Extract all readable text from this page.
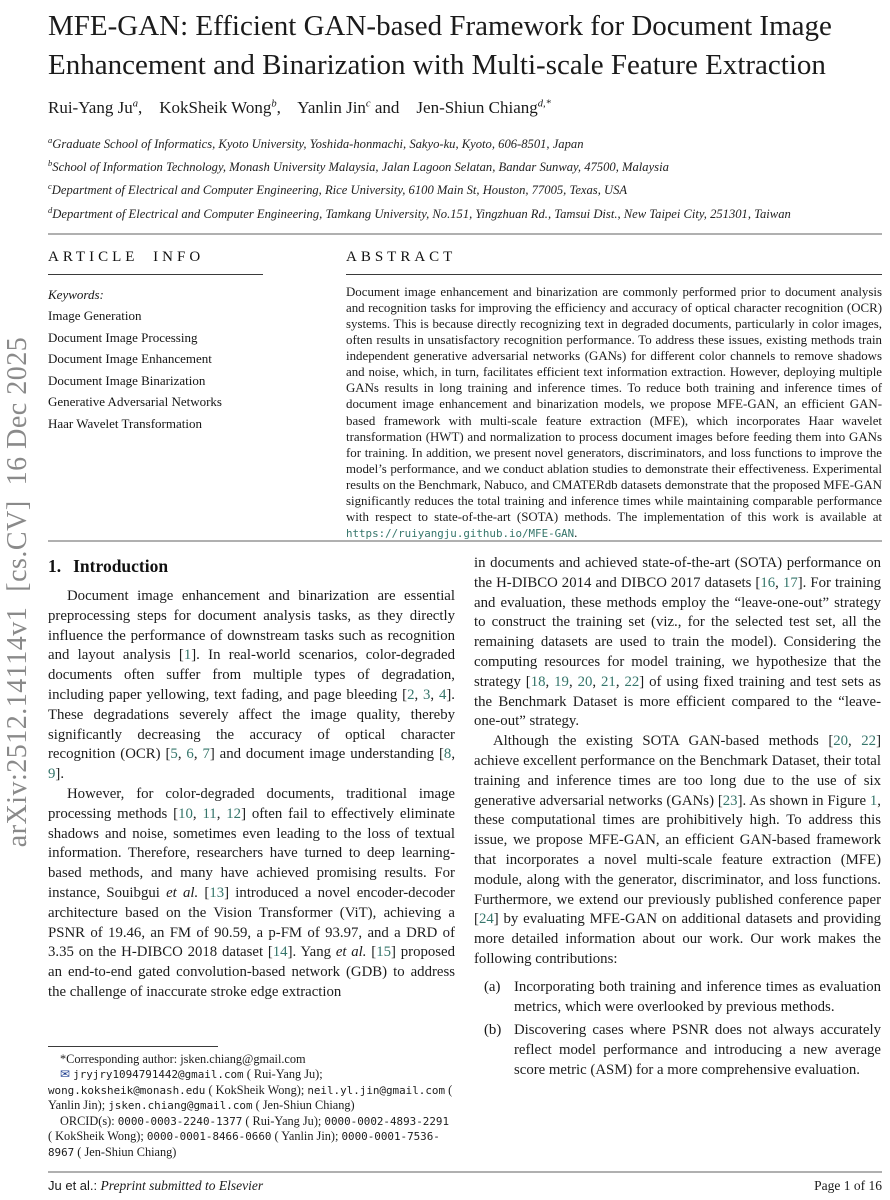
arXiv:2512.14114v1  [cs.CV]  16 Dec 2025
MFE-GAN: Efficient GAN-based Framework for Document Image
Enhancement and Binarization with Multi-scale Feature Extraction
Rui-Yang Ju$^a$,    KokSheik Wong$^b$,    Yanlin Jin$^c$ and    Jen-Shiun Chiang$^{d,*}$
$^a$Graduate School of Informatics, Kyoto University, Yoshida-honmachi, Sakyo-ku, Kyoto, 606-8501, Japan
$^b$School of Information Technology, Monash University Malaysia, Jalan Lagoon Selatan, Bandar Sunway, 47500, Malaysia
$^c$Department of Electrical and Computer Engineering, Rice University, 6100 Main St, Houston, 77005, Texas, USA
$^d$Department of Electrical and Computer Engineering, Tamkang University, No.151, Yingzhuan Rd., Tamsui Dist., New Taipei City, 251301, Taiwan
ARTICLE INFO
Keywords:
Image Generation
Document Image Processing
Document Image Enhancement
Document Image Binarization
Generative Adversarial Networks
Haar Wavelet Transformation
ABSTRACT
Document image enhancement and binarization are commonly performed prior to document analysis and recognition tasks for improving the efficiency and accuracy of optical character recognition (OCR) systems. This is because directly recognizing text in degraded documents, particularly in color images, often results in unsatisfactory recognition performance. To address these issues, existing methods train independent generative adversarial networks (GANs) for different color channels to remove shadows and noise, which, in turn, facilitates efficient text information extraction. However, deploying multiple GANs results in long training and inference times. To reduce both training and inference times of document image enhancement and binarization models, we propose MFE-GAN, an efficient GAN-based framework with multi-scale feature extraction (MFE), which incorporates Haar wavelet transformation (HWT) and normalization to process document images before feeding them into GANs for training. In addition, we present novel generators, discriminators, and loss functions to improve the model’s performance, and we conduct ablation studies to demonstrate their effectiveness. Experimental results on the Benchmark, Nabuco, and CMATERdb datasets demonstrate that the proposed MFE-GAN significantly reduces the total training and inference times while maintaining comparable performance with respect to state-of-the-art (SOTA) methods. The implementation of this work is available at https://ruiyangju.github.io/MFE-GAN.
1. Introduction

Document image enhancement and binarization are essential preprocessing steps for document analysis tasks, as they directly influence the performance of downstream tasks such as recognition and layout analysis [1]. In real-world scenarios, color-degraded documents often suffer from multiple types of degradation, including paper yellowing, text fading, and page bleeding [2, 3, 4]. These degradations severely affect the image quality, thereby significantly decreasing the accuracy of optical character recognition (OCR) [5, 6, 7] and document image understanding [8, 9].

However, for color-degraded documents, traditional image processing methods [10, 11, 12] often fail to effectively eliminate shadows and noise, sometimes even leading to the loss of textual information. Therefore, researchers have turned to deep learning-based methods, and many have achieved promising results. For instance, Souibgui et al. [13] introduced a novel encoder-decoder architecture based on the Vision Transformer (ViT), achieving a PSNR of 19.46, an FM of 90.59, a p-FM of 93.97, and a DRD of 3.35 on the H-DIBCO 2018 dataset [14]. Yang et al. [15] proposed an end-to-end gated convolution-based network (GDB) to address the challenge of inaccurate stroke edge extraction

*Corresponding author: jsken.chiang@gmail.com

✉ jryjry1094791442@gmail.com ( Rui-Yang Ju); wong.koksheik@monash.edu ( KokSheik Wong); neil.yl.jin@gmail.com ( Yanlin Jin); jsken.chiang@gmail.com ( Jen-Shiun Chiang)

ORCID(s): 0000-0003-2240-1377 ( Rui-Yang Ju); 0000-0002-4893-2291 ( KokSheik Wong); 0000-0001-8466-0660 ( Yanlin Jin); 0000-0001-7536-8967 ( Jen-Shiun Chiang)

in documents and achieved state-of-the-art (SOTA) performance on the H-DIBCO 2014 and DIBCO 2017 datasets [16, 17]. For training and evaluation, these methods employ the “leave-one-out” strategy to construct the training set (viz., for the selected test set, all the remaining datasets are used to train the model). Considering the computing resources for model training, we hypothesize that the strategy [18, 19, 20, 21, 22] of using fixed training and test sets as the Benchmark Dataset is more efficient compared to the “leave-one-out” strategy.

Although the existing SOTA GAN-based methods [20, 22] achieve excellent performance on the Benchmark Dataset, their total training and inference times are too long due to the use of six generative adversarial networks (GANs) [23]. As shown in Figure 1, these computational times are prohibitively high. To address this issue, we propose MFE-GAN, an efficient GAN-based framework that incorporates a novel multi-scale feature extraction (MFE) module, along with the generator, discriminator, and loss functions. Furthermore, we extend our previously published conference paper [24] by evaluating MFE-GAN on additional datasets and providing more detailed information about our work. Our work makes the following contributions:

(a) Incorporating both training and inference times as evaluation metrics, which were overlooked by previous methods.
(b) Discovering cases where PSNR does not always accurately reflect model performance and introducing a new average score metric (ASM) for a more comprehensive evaluation.
Ju et al.: Preprint submitted to Elsevier	Page 1 of 16
